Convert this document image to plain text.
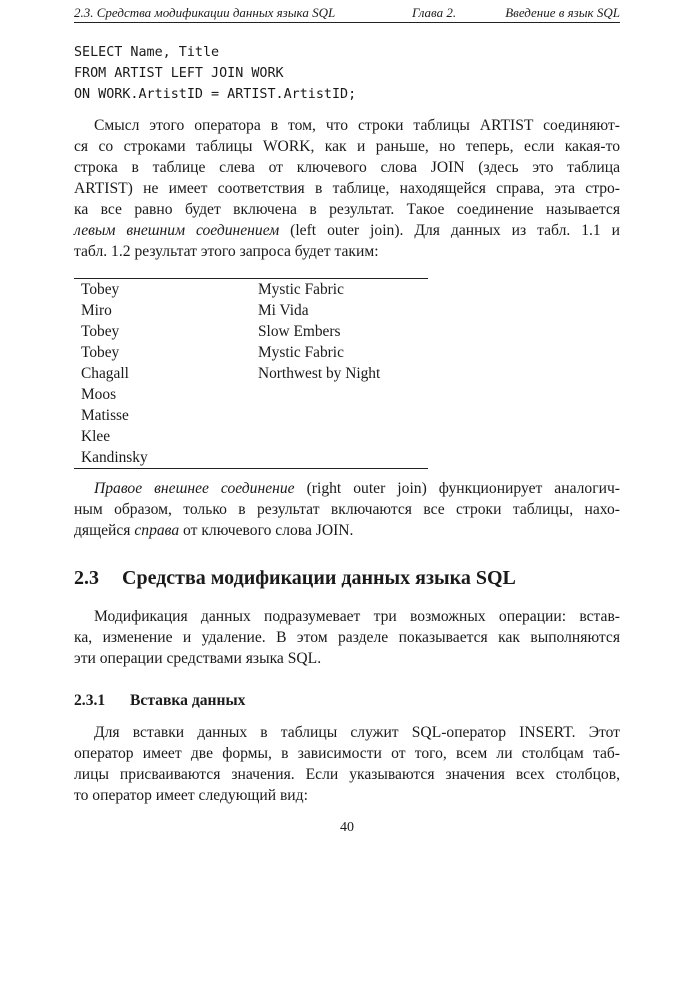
2.3. Средства модификации данных языка SQL	Глава 2.	Введение в язык SQL
SELECT Name, Title
FROM ARTIST LEFT JOIN WORK
ON WORK.ArtistID = ARTIST.ArtistID;
Смысл этого оператора в том, что строки таблицы ARTIST соединяют-
ся со строками таблицы WORK, как и раньше, но теперь, если какая-то
строка в таблице слева от ключевого слова JOIN (здесь это таблица
ARTIST) не имеет соответствия в таблице, находящейся справа, эта стро-
ка все равно будет включена в результат. Такое соединение называется
левым внешним соединением (left outer join). Для данных из табл. 1.1 и
табл. 1.2 результат этого запроса будет таким:
Tobey	Mystic Fabric
Miro	Mi Vida
Tobey	Slow Embers
Tobey	Mystic Fabric
Chagall	Northwest by Night
Moos
Matisse
Klee
Kandinsky
Правое внешнее соединение (right outer join) функционирует аналогич-
ным образом, только в результат включаются все строки таблицы, нахо-
дящейся справа от ключевого слова JOIN.
2.3 Средства модификации данных языка SQL
Модификация данных подразумевает три возможных операции: встав-
ка, изменение и удаление. В этом разделе показывается как выполняются
эти операции средствами языка SQL.
2.3.1 Вставка данных
Для вставки данных в таблицы служит SQL-оператор INSERT. Этот
оператор имеет две формы, в зависимости от того, всем ли столбцам таб-
лицы присваиваются значения. Если указываются значения всех столбцов,
то оператор имеет следующий вид:
40
